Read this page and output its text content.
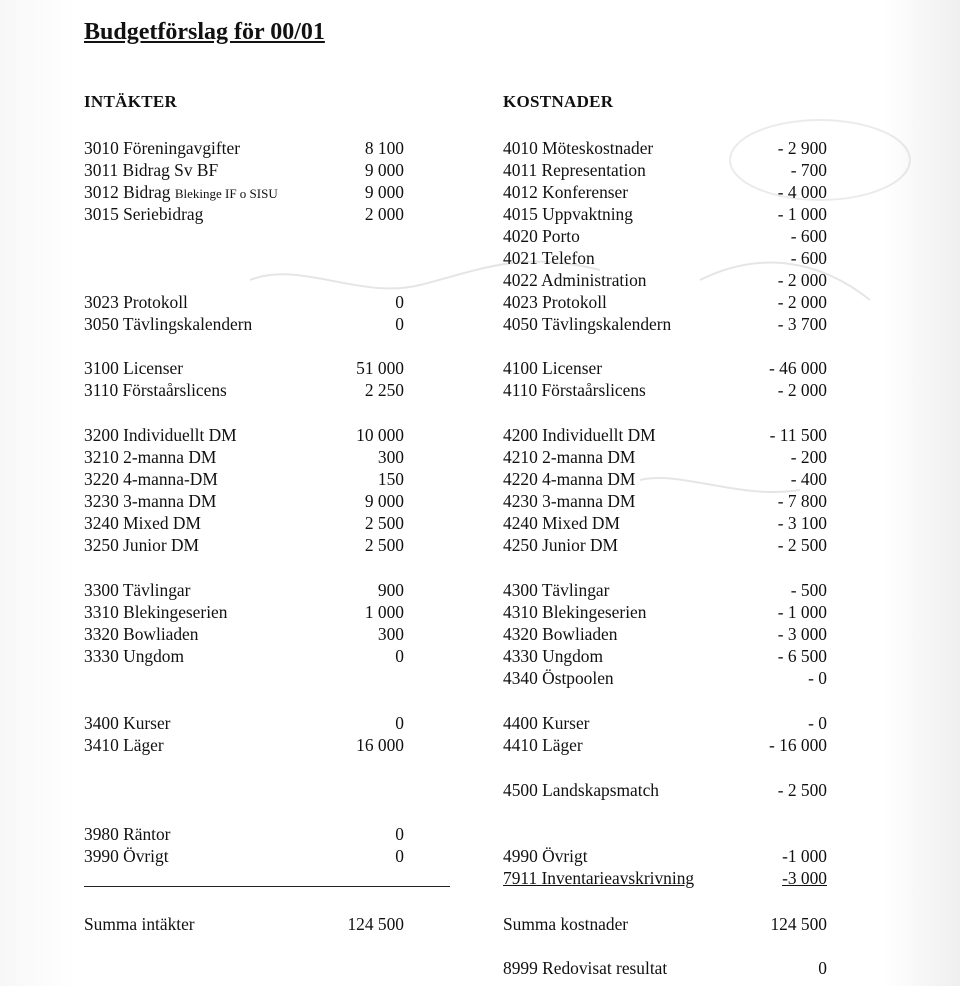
Budgetförslag för 00/01
INTÄKTER	KOSTNADER
3010 Föreningavgifter	8 100
3011 Bidrag Sv BF	9 000
3012 Bidrag Blekinge IF o SISU	9 000
3015 Seriebidrag	2 000
3023 Protokoll	0
3050 Tävlingskalendern	0
3100 Licenser	51 000
3110 Förstaårslicens	2 250
3200 Individuellt DM	10 000
3210 2-manna DM	300
3220 4-manna-DM	150
3230 3-manna DM	9 000
3240 Mixed DM	2 500
3250 Junior DM	2 500
3300 Tävlingar	900
3310 Blekingeserien	1 000
3320 Bowliaden	300
3330 Ungdom	0
3400 Kurser	0
3410 Läger	16 000
3980 Räntor	0
3990 Övrigt	0
4010 Möteskostnader	- 2 900
4011 Representation	- 700
4012 Konferenser	- 4 000
4015 Uppvaktning	- 1 000
4020 Porto	- 600
4021 Telefon	- 600
4022 Administration	- 2 000
4023 Protokoll	- 2 000
4050 Tävlingskalendern	- 3 700
4100 Licenser	- 46 000
4110 Förstaårslicens	- 2 000
4200 Individuellt DM	- 11 500
4210 2-manna DM	- 200
4220 4-manna DM	- 400
4230 3-manna DM	- 7 800
4240 Mixed DM	- 3 100
4250 Junior DM	- 2 500
4300 Tävlingar	- 500
4310 Blekingeserien	- 1 000
4320 Bowliaden	- 3 000
4330 Ungdom	- 6 500
4340 Östpoolen	- 0
4400 Kurser	- 0
4410 Läger	- 16 000
4500 Landskapsmatch	- 2 500
4990 Övrigt	-1 000
7911 Inventarieavskrivning	-3 000
Summa intäkter	124 500	Summa kostnader	124 500
8999 Redovisat resultat	0
